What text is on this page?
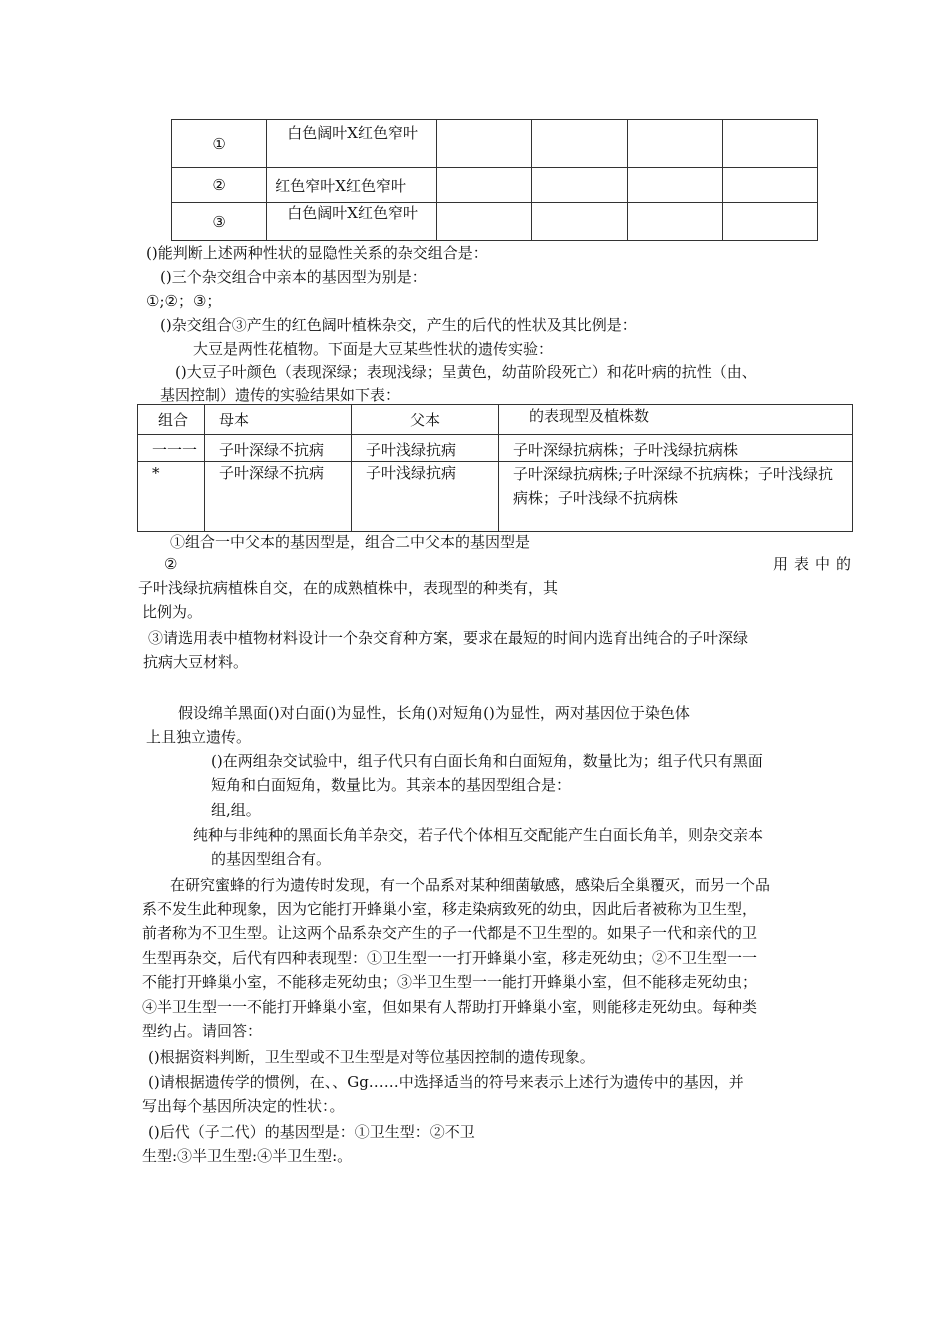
①	白色阔叶X红色窄叶				

②	红色窄叶X红色窄叶				

③	白色阔叶X红色窄叶				

()能判断上述两种性状的显隐性关系的杂交组合是：
()三个杂交组合中亲本的基因型为别是：
①;②；③；
()杂交组合③产生的红色阔叶植株杂交，产生的后代的性状及其比例是：
大豆是两性花植物。下面是大豆某些性状的遗传实验：
()大豆子叶颜色（表现深绿；表现浅绿；呈黄色，幼苗阶段死亡）和花叶病的抗性（由、
基因控制）遗传的实验结果如下表：
组合	母本	父本	的表现型及植株数

一一一	子叶深绿不抗病	子叶浅绿抗病	子叶深绿抗病株；子叶浅绿抗病株

*	子叶深绿不抗病	子叶浅绿抗病	子叶深绿抗病株;子叶深绿不抗病株；子叶浅绿抗病株；子叶浅绿不抗病株
①组合一中父本的基因型是，组合二中父本的基因型是
②	用表中的
子叶浅绿抗病植株自交，在的成熟植株中，表现型的种类有，其
比例为。
③请选用表中植物材料设计一个杂交育种方案，要求在最短的时间内选育出纯合的子叶深绿
抗病大豆材料。
假设绵羊黑面()对白面()为显性，长角()对短角()为显性，两对基因位于染色体
上且独立遗传。
()在两组杂交试验中，组子代只有白面长角和白面短角，数量比为；组子代只有黑面
短角和白面短角，数量比为。其亲本的基因型组合是：
组,组。
纯种与非纯种的黑面长角羊杂交，若子代个体相互交配能产生白面长角羊，则杂交亲本
的基因型组合有。
在研究蜜蜂的行为遗传时发现，有一个品系对某种细菌敏感，感染后全巢覆灭，而另一个品
系不发生此种现象，因为它能打开蜂巢小室，移走染病致死的幼虫，因此后者被称为卫生型，
前者称为不卫生型。让这两个品系杂交产生的子一代都是不卫生型的。如果子一代和亲代的卫
生型再杂交，后代有四种表现型：①卫生型一一打开蜂巢小室，移走死幼虫；②不卫生型一一
不能打开蜂巢小室，不能移走死幼虫；③半卫生型一一能打开蜂巢小室，但不能移走死幼虫；
④半卫生型一一不能打开蜂巢小室，但如果有人帮助打开蜂巢小室，则能移走死幼虫。每种类
型约占。请回答：
()根据资料判断，卫生型或不卫生型是对等位基因控制的遗传现象。
()请根据遗传学的惯例，在、、Gg……中选择适当的符号来表示上述行为遗传中的基因，并
写出每个基因所决定的性状：。
()后代（子二代）的基因型是：①卫生型：②不卫
生型:③半卫生型:④半卫生型:。
